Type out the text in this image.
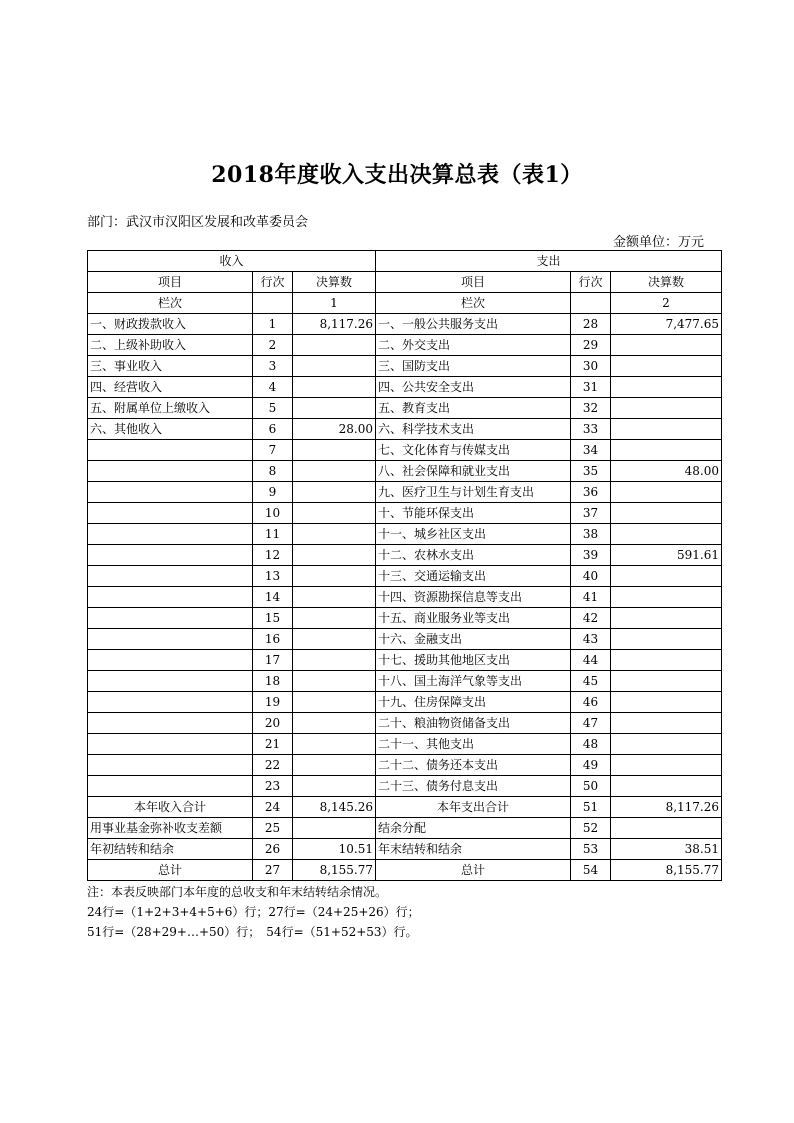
2018年度收入支出决算总表（表1）
部门：武汉市汉阳区发展和改革委员会
金额单位：万元
收入			支出		
项目	行次	决算数	项目	行次	决算数
栏次		1	栏次		2
一、财政拨款收入	1	8,117.26	一、一般公共服务支出	28	7,477.65
二、上级补助收入	2		二、外交支出	29	
三、事业收入	3		三、国防支出	30	
四、经营收入	4		四、公共安全支出	31	
五、附属单位上缴收入	5		五、教育支出	32	
六、其他收入	6	28.00	六、科学技术支出	33	
	7		七、文化体育与传媒支出	34	
	8		八、社会保障和就业支出	35	48.00
	9		九、医疗卫生与计划生育支出	36	
	10		十、节能环保支出	37	
	11		十一、城乡社区支出	38	
	12		十二、农林水支出	39	591.61
	13		十三、交通运输支出	40	
	14		十四、资源勘探信息等支出	41	
	15		十五、商业服务业等支出	42	
	16		十六、金融支出	43	
	17		十七、援助其他地区支出	44	
	18		十八、国土海洋气象等支出	45	
	19		十九、住房保障支出	46	
	20		二十、粮油物资储备支出	47	
	21		二十一、其他支出	48	
	22		二十二、债务还本支出	49	
	23		二十三、债务付息支出	50	
本年收入合计	24	8,145.26	本年支出合计	51	8,117.26
用事业基金弥补收支差额	25		结余分配	52	
年初结转和结余	26	10.51	年末结转和结余	53	38.51
总计	27	8,155.77	总计	54	8,155.77
注：本表反映部门本年度的总收支和年末结转结余情况。
24行=（1+2+3+4+5+6）行；27行=（24+25+26）行；
51行=（28+29+…+50）行；　54行=（51+52+53）行。
